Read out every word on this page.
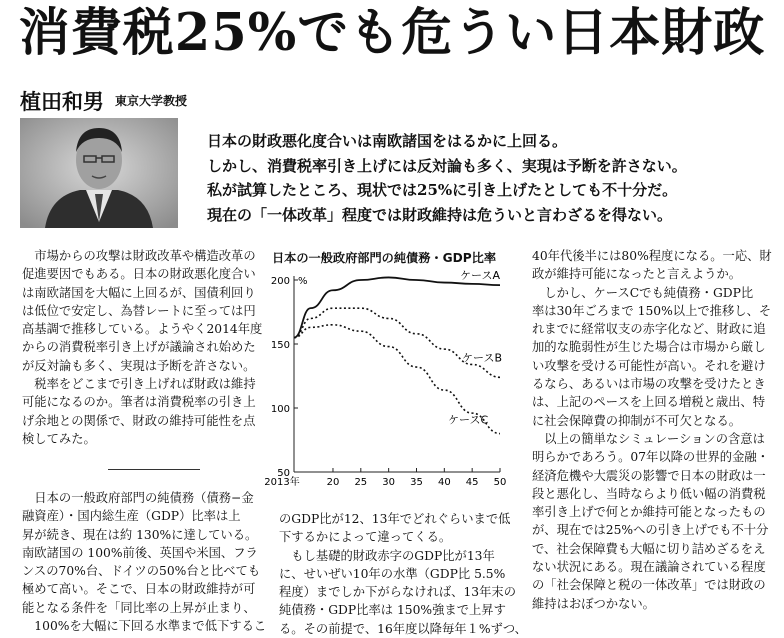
消費税25%でも危うい日本財政
植田和男 東京大学教授
日本の財政悪化度合いは南欧諸国をはるかに上回る。
しかし、消費税率引き上げには反対論も多く、実現は予断を許さない。
私が試算したところ、現状では25%に引き上げたとしても不十分だ。
現在の「一体改革」程度では財政維持は危ういと言わざるを得ない。
　市場からの攻撃は財政改革や構造改革の
促進要因でもある。日本の財政悪化度合い
は南欧諸国を大幅に上回るが、国債利回り
は低位で安定し、為替レートに至っては円
高基調で推移している。ようやく2014年度
からの消費税率引き上げが議論され始めた
が反対論も多く、実現は予断を許さない。
　税率をどこまで引き上げれば財政は維持
可能になるのか。筆者は消費税率の引き上
げ余地との関係で、財政の維持可能性を点
検してみた。
　日本の一般政府部門の純債務（債務−金
融資産）・国内総生産（GDP）比率は上
昇が続き、現在は約 130%に達している。
南欧諸国の 100%前後、英国や米国、フラ
ンスの70%台、ドイツの50%台と比べても
極めて高い。そこで、日本の財政維持が可
能となる条件を「同比率の上昇が止まり、
　100%を大幅に下回る水準まで低下するこ
日本の一般政府部門の純債務・GDP比率
50
100
150
200 %
2013年	20 25 30 35 40 45 50
ケースA
ケースB
ケースC
のGDP比が12、13年でどれぐらいまで低
下するかによって違ってくる。
　もし基礎的財政赤字のGDP比が13年
に、せいぜい10年の水準（GDP比 5.5%
程度）までしか下がらなければ、13年末の
純債務・GDP比率は 150%強まで上昇す
る。その前提で、16年度以降毎年１%ずつ、
40年代後半には80%程度になる。一応、財
政が維持可能になったと言えようか。
　しかし、ケースCでも純債務・GDP比
率は30年ごろまで 150%以上で推移し、そ
れまでに経常収支の赤字化など、財政に追
加的な脆弱性が生じた場合は市場から厳し
い攻撃を受ける可能性が高い。それを避け
るなら、あるいは市場の攻撃を受けたとき
は、上記のペースを上回る増税と歳出、特
に社会保障費の抑制が不可欠となる。
　以上の簡単なシミュレーションの含意は
明らかであろう。07年以降の世界的金融・
経済危機や大震災の影響で日本の財政は一
段と悪化し、当時ならより低い幅の消費税
率引き上げで何とか維持可能となったもの
が、現在では25%への引き上げでも不十分
で、社会保障費も大幅に切り詰めざるをえ
ない状況にある。現在議論されている程度
の「社会保障と税の一体改革」では財政の
維持はおぼつかない。
